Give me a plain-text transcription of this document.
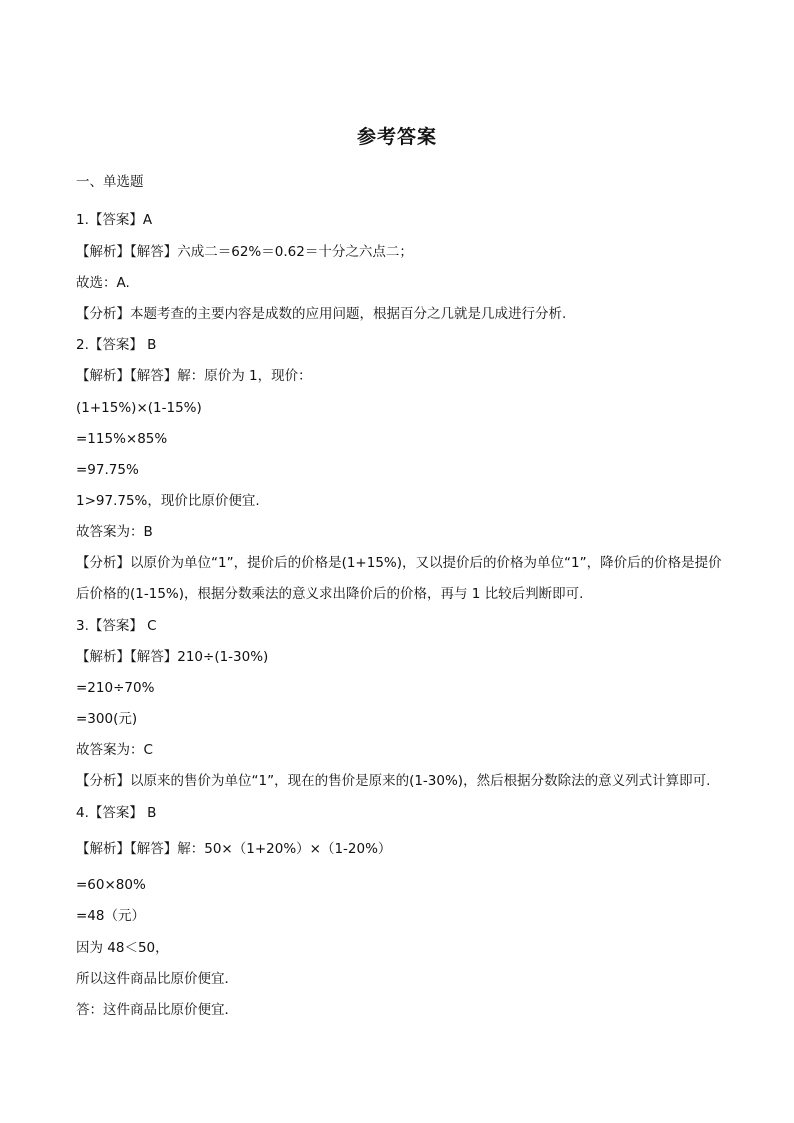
参考答案
一、单选题
1.【答案】A
【解析】【解答】六成二＝62%＝0.62＝十分之六点二；
故选：A.
【分析】本题考查的主要内容是成数的应用问题，根据百分之几就是几成进行分析.
2.【答案】 B
【解析】【解答】解：原价为 1，现价：
(1+15%)×(1-15%)
=115%×85%
=97.75%
1>97.75%，现价比原价便宜.
故答案为：B
【分析】以原价为单位“1”，提价后的价格是(1+15%)，又以提价后的价格为单位“1”，降价后的价格是提价后价格的(1-15%)，根据分数乘法的意义求出降价后的价格，再与 1 比较后判断即可.
3.【答案】 C
【解析】【解答】210÷(1-30%)
=210÷70%
=300(元)
故答案为：C
【分析】以原来的售价为单位“1”，现在的售价是原来的(1-30%)，然后根据分数除法的意义列式计算即可.
4.【答案】 B
【解析】【解答】解：50×（1+20%）×（1-20%）
=60×80%
=48（元）
因为 48＜50，
所以这件商品比原价便宜．
答：这件商品比原价便宜．
